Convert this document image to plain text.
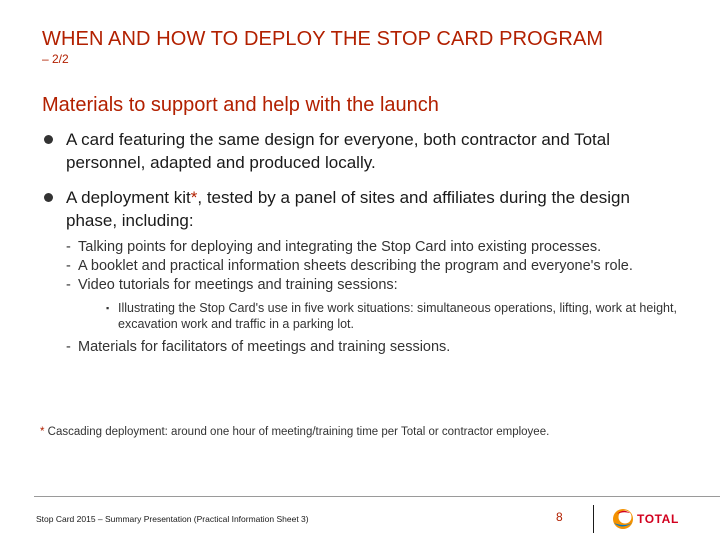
WHEN AND HOW TO DEPLOY THE STOP CARD PROGRAM
– 2/2
Materials to support and help with the launch
A card featuring the same design for everyone, both contractor and Total personnel, adapted and produced locally.
A deployment kit*, tested by a panel of sites and affiliates during the design phase, including:
- Talking points for deploying and integrating the Stop Card into existing processes.
- A booklet and practical information sheets describing the program and everyone's role.
- Video tutorials for meetings and training sessions:
▪ Illustrating the Stop Card's use in five work situations: simultaneous operations, lifting, work at height, excavation work and traffic in a parking lot.
- Materials for facilitators of meetings and training sessions.
* Cascading deployment: around one hour of meeting/training time per Total or contractor employee.
Stop Card 2015 – Summary Presentation (Practical Information Sheet 3)	8	TOTAL
